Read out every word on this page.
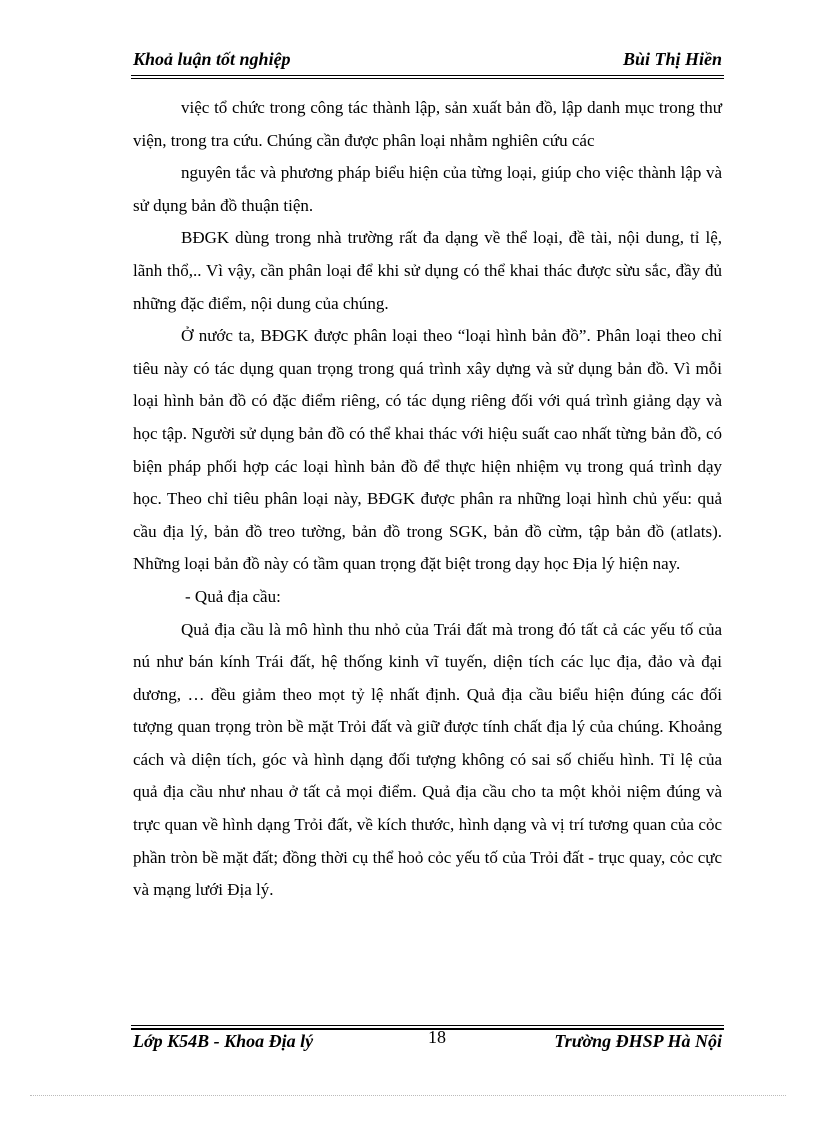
Khoả luận tốt nghiệp	Bùi Thị Hiền

việc tổ chức trong công tác thành lập, sản xuất bản đồ, lập danh mục trong thư viện, trong tra cứu. Chúng cần được phân loại nhằm nghiên cứu các

nguyên tắc và phương pháp biểu hiện của từng loại, giúp cho việc thành lập và sử dụng bản đồ thuận tiện.

BĐGK dùng trong nhà trường rất đa dạng về thể loại, đề tài, nội dung, tỉ lệ, lãnh thổ,.. Vì vậy, cần phân loại để khi sử dụng có thể khai thác được sừu sắc, đầy đủ những đặc điểm, nội dung của chúng.

Ở nước ta, BĐGK được phân loại theo “loại hình bản đồ”. Phân loại theo chỉ tiêu này có tác dụng quan trọng trong quá trình xây dựng và sử dụng bản đồ. Vì mỗi loại hình bản đồ có đặc điểm riêng, có tác dụng riêng đối với quá trình giảng dạy và học tập. Người sử dụng bản đồ có thể khai thác với hiệu suất cao nhất từng bản đồ, có biện pháp phối hợp các loại hình bản đồ để thực hiện nhiệm vụ trong quá trình dạy học. Theo chỉ tiêu phân loại này, BĐGK được phân ra những loại hình chủ yếu: quả cầu địa lý, bản đồ treo tường, bản đồ trong SGK, bản đồ cừm, tập bản đồ (atlats). Những loại bản đồ này có tầm quan trọng đặt biệt trong dạy học Địa lý hiện nay.

- Quả địa cầu:

Quả địa cầu là mô hình thu nhỏ của Trái đất mà trong đó tất cả các yếu tố của nú như bán kính Trái đất, hệ thống kinh vĩ tuyến, diện tích các lục địa, đảo và đại dương, … đều giảm theo mọt tỷ lệ nhất định. Quả địa cầu biểu hiện đúng các đối tượng quan trọng tròn bề mặt Trỏi đất và giữ được tính chất địa lý của chúng. Khoảng cách và diện tích, góc và hình dạng đối tượng không có sai số chiếu hình. Tỉ lệ của quả địa cầu như nhau ở tất cả mọi điểm. Quả địa cầu cho ta một khỏi niệm đúng và trực quan về hình dạng Trỏi đất, về kích thước, hình dạng và vị trí tương quan của cỏc phần tròn bề mặt đất; đồng thời cụ thể hoỏ cỏc yếu tố của Trỏi đất - trục quay, cỏc cực và mạng lưới Địa lý.

Lớp K54B - Khoa Địa lý	18	Trường ĐHSP Hà Nội
